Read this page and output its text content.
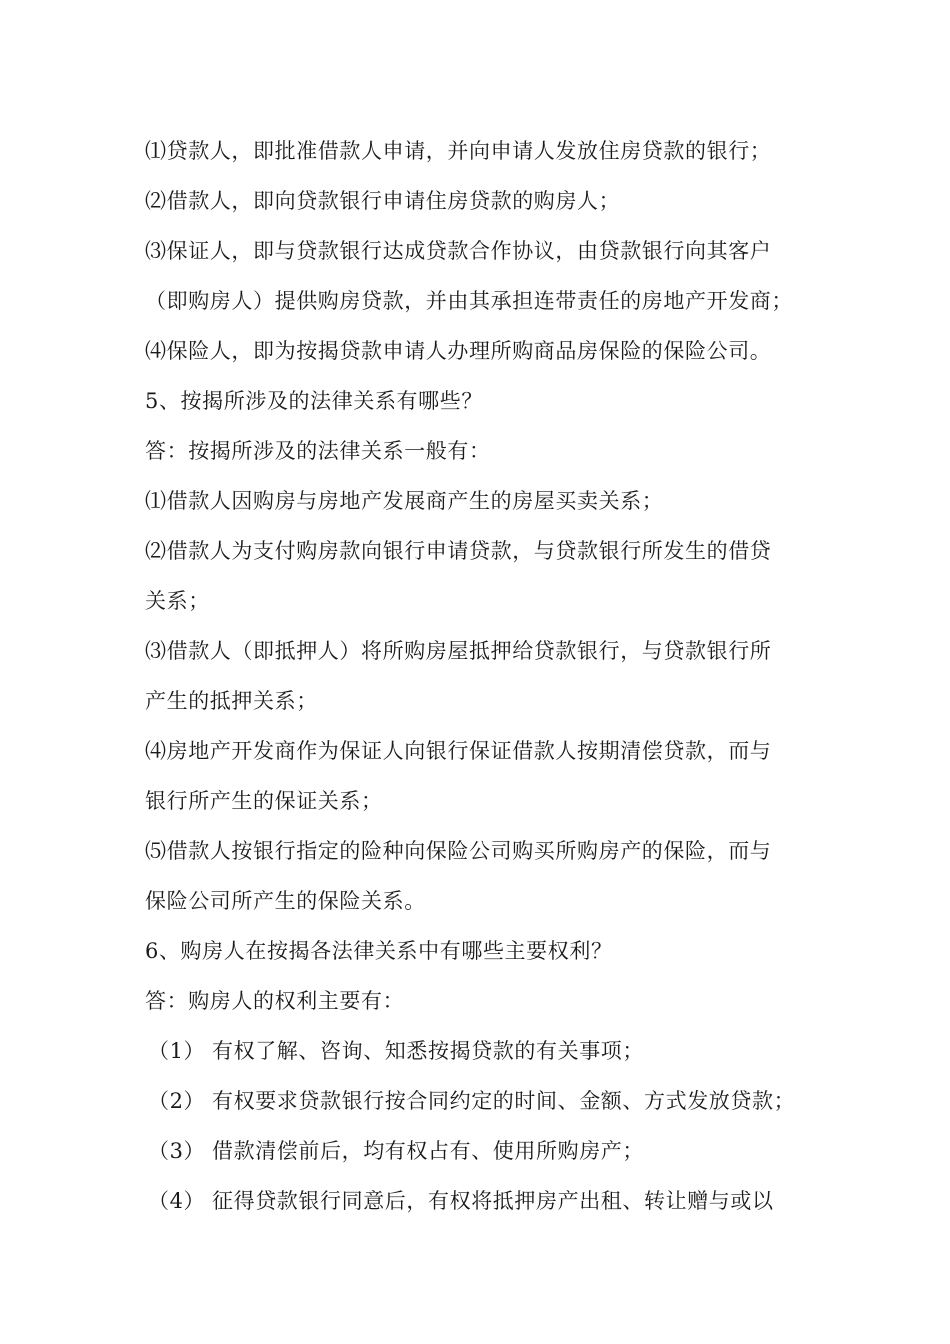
⑴贷款人，即批准借款人申请，并向申请人发放住房贷款的银行；
⑵借款人，即向贷款银行申请住房贷款的购房人；
⑶保证人，即与贷款银行达成贷款合作协议，由贷款银行向其客户
（即购房人）提供购房贷款，并由其承担连带责任的房地产开发商；
⑷保险人，即为按揭贷款申请人办理所购商品房保险的保险公司。
5、按揭所涉及的法律关系有哪些？
答：按揭所涉及的法律关系一般有：
⑴借款人因购房与房地产发展商产生的房屋买卖关系；
⑵借款人为支付购房款向银行申请贷款，与贷款银行所发生的借贷
关系；
⑶借款人（即抵押人）将所购房屋抵押给贷款银行，与贷款银行所
产生的抵押关系；
⑷房地产开发商作为保证人向银行保证借款人按期清偿贷款，而与
银行所产生的保证关系；
⑸借款人按银行指定的险种向保险公司购买所购房产的保险，而与
保险公司所产生的保险关系。
6、购房人在按揭各法律关系中有哪些主要权利？
答：购房人的权利主要有：
（1） 有权了解、咨询、知悉按揭贷款的有关事项；
（2） 有权要求贷款银行按合同约定的时间、金额、方式发放贷款；
（3） 借款清偿前后，均有权占有、使用所购房产；
（4） 征得贷款银行同意后，有权将抵押房产出租、转让赠与或以
